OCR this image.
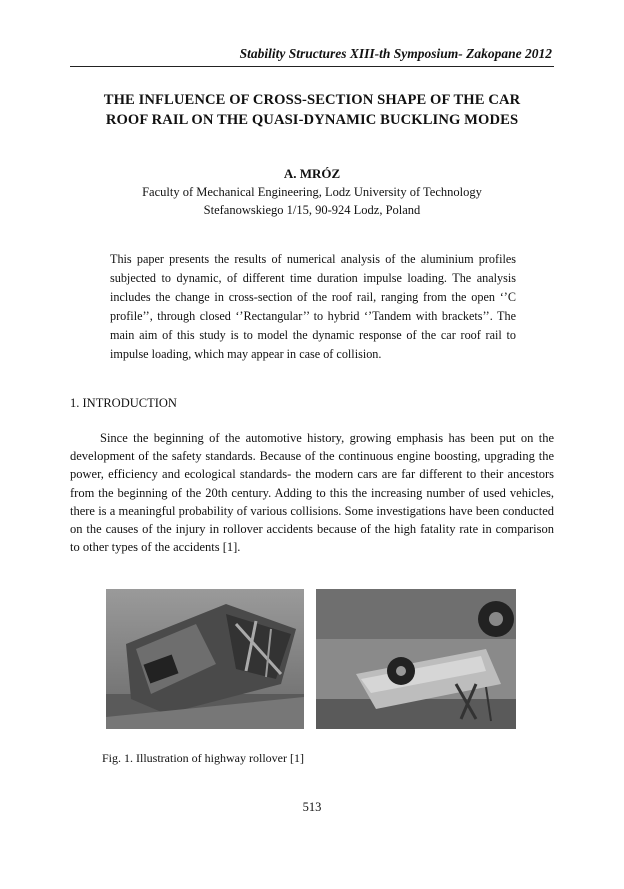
Stability Structures XIII-th Symposium- Zakopane 2012
THE INFLUENCE OF CROSS-SECTION SHAPE OF THE CAR
ROOF RAIL ON THE QUASI-DYNAMIC BUCKLING MODES
A. MRÓZ
Faculty of Mechanical Engineering, Lodz University of Technology
Stefanowskiego 1/15, 90-924 Lodz, Poland
This paper presents the results of numerical analysis of the aluminium profiles subjected to dynamic, of different time duration impulse loading. The analysis includes the change in cross-section of the roof rail, ranging from the open ‘’C profile’’, through closed ‘’Rectangular’’ to hybrid ‘’Tandem with brackets’’. The main aim of this study is to model the dynamic response of the car roof rail to impulse loading, which may appear in case of collision.
1. INTRODUCTION
Since the beginning of the automotive history, growing emphasis has been put on the development of the safety standards. Because of the continuous engine boosting, upgrading the power, efficiency and ecological standards- the modern cars are far different to their ancestors from the beginning of the 20th century. Adding to this the increasing number of used vehicles, there is a meaningful probability of various collisions. Some investigations have been conducted on the causes of the injury in rollover accidents because of the high fatality rate in comparison to other types of the accidents [1].
Fig. 1. Illustration of highway rollover [1]
513
